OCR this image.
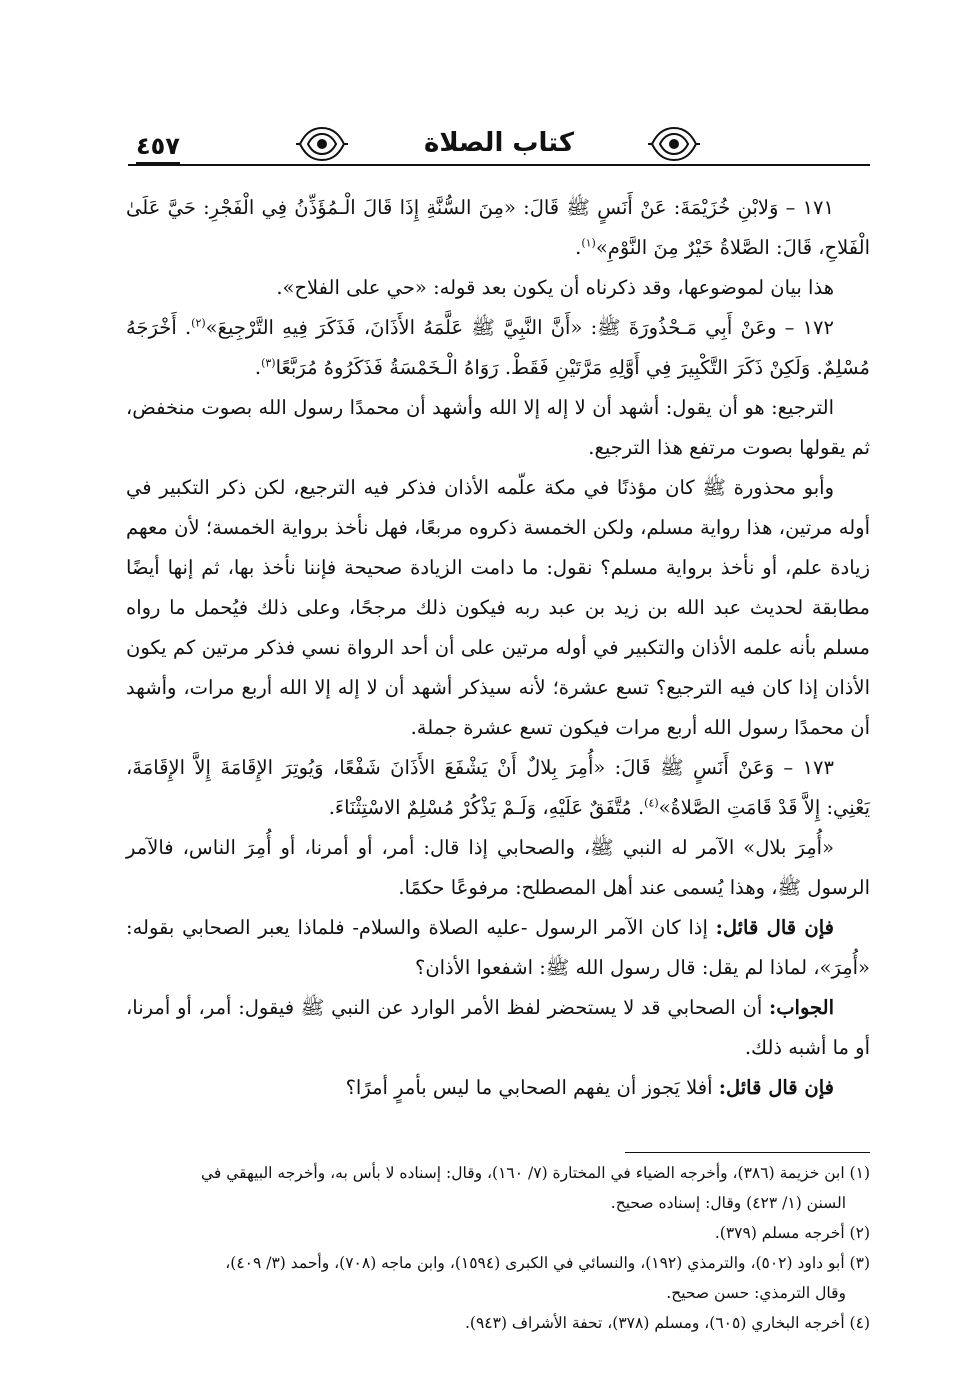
٤٥٧	كتاب الصلاة

١٧١ – وَلابْنِ خُزَيْمَةَ: عَنْ أَنَسٍ ﷺ قَالَ: «مِنَ السُّنَّةِ إِذَا قَالَ الْـمُؤَذِّنُ فِي الْفَجْرِ: حَيَّ عَلَىٰ الْفَلاحِ، قَالَ: الصَّلاةُ خَيْرٌ مِنَ النَّوْمِ»$^{(١)}$.

هذا بيان لموضوعها، وقد ذكرناه أن يكون بعد قوله: «حي على الفلاح».

١٧٢ – وعَنْ أَبِي مَـحْذُورَةَ ﷺ: «أَنَّ النَّبِيَّ ﷺ عَلَّمَهُ الأَذَانَ، فَذَكَرَ فِيهِ التَّرْجِيعَ»$^{(٢)}$. أَخْرَجَهُ مُسْلِمٌ. وَلَكِنْ ذَكَرَ التَّكْبِيرَ فِي أَوَّلِهِ مَرَّتَيْنِ فَقَطْ. رَوَاهُ الْـخَمْسَةُ فَذَكَرُوهُ مُرَبَّعًا$^{(٣)}$.

الترجيع: هو أن يقول: أشهد أن لا إله إلا الله وأشهد أن محمدًا رسول الله بصوت منخفض، ثم يقولها بصوت مرتفع هذا الترجيع.

وأبو محذورة ﷺ كان مؤذنًا في مكة علّمه الأذان فذكر فيه الترجيع، لكن ذكر التكبير في أوله مرتين، هذا رواية مسلم، ولكن الخمسة ذكروه مربعًا، فهل نأخذ برواية الخمسة؛ لأن معهم زيادة علم، أو نأخذ برواية مسلم؟ نقول: ما دامت الزيادة صحيحة فإننا نأخذ بها، ثم إنها أيضًا مطابقة لحديث عبد الله بن زيد بن عبد ربه فيكون ذلك مرجحًا، وعلى ذلك فيُحمل ما رواه مسلم بأنه علمه الأذان والتكبير في أوله مرتين على أن أحد الرواة نسي فذكر مرتين كم يكون الأذان إذا كان فيه الترجيع؟ تسع عشرة؛ لأنه سيذكر أشهد أن لا إله إلا الله أربع مرات، وأشهد أن محمدًا رسول الله أربع مرات فيكون تسع عشرة جملة.

١٧٣ – وَعَنْ أَنَسٍ ﷺ قَالَ: «أُمِرَ بِلالٌ أَنْ يَشْفَعَ الأَذَانَ شَفْعًا، وَيُوتِرَ الإِقَامَةَ إِلاَّ الإِقَامَةَ، يَعْنِي: إِلاَّ قَدْ قَامَتِ الصَّلاةُ»$^{(٤)}$. مُتَّفَقٌ عَلَيْهِ، وَلَـمْ يَذْكُرْ مُسْلِمٌ الاسْتِثْنَاءَ.

«أُمِرَ بلال» الآمر له النبي ﷺ، والصحابي إذا قال: أمر، أو أمرنا، أو أُمِرَ الناس، فالآمر الرسول ﷺ، وهذا يُسمى عند أهل المصطلح: مرفوعًا حكمًا.

فإن قال قائل: إذا كان الآمر الرسول -عليه الصلاة والسلام- فلماذا يعبر الصحابي بقوله: «أُمِرَ»، لماذا لم يقل: قال رسول الله ﷺ: اشفعوا الأذان؟

الجواب: أن الصحابي قد لا يستحضر لفظ الأمر الوارد عن النبي ﷺ فيقول: أمر، أو أمرنا، أو ما أشبه ذلك.

فإن قال قائل: أفلا يَجوز أن يفهم الصحابي ما ليس بأمرٍ أمرًا؟

(١) ابن خزيمة (٣٨٦)، وأخرجه الضياء في المختارة (٧/ ١٦٠)، وقال: إسناده لا بأس به، وأخرجه البيهقي في

السنن (١/ ٤٢٣) وقال: إسناده صحيح.

(٢) أخرجه مسلم (٣٧٩).

(٣) أبو داود (٥٠٢)، والترمذي (١٩٢)، والنسائي في الكبرى (١٥٩٤)، وابن ماجه (٧٠٨)، وأحمد (٣/ ٤٠٩)،

وقال الترمذي: حسن صحيح.

(٤) أخرجه البخاري (٦٠٥)، ومسلم (٣٧٨)، تحفة الأشراف (٩٤٣).
